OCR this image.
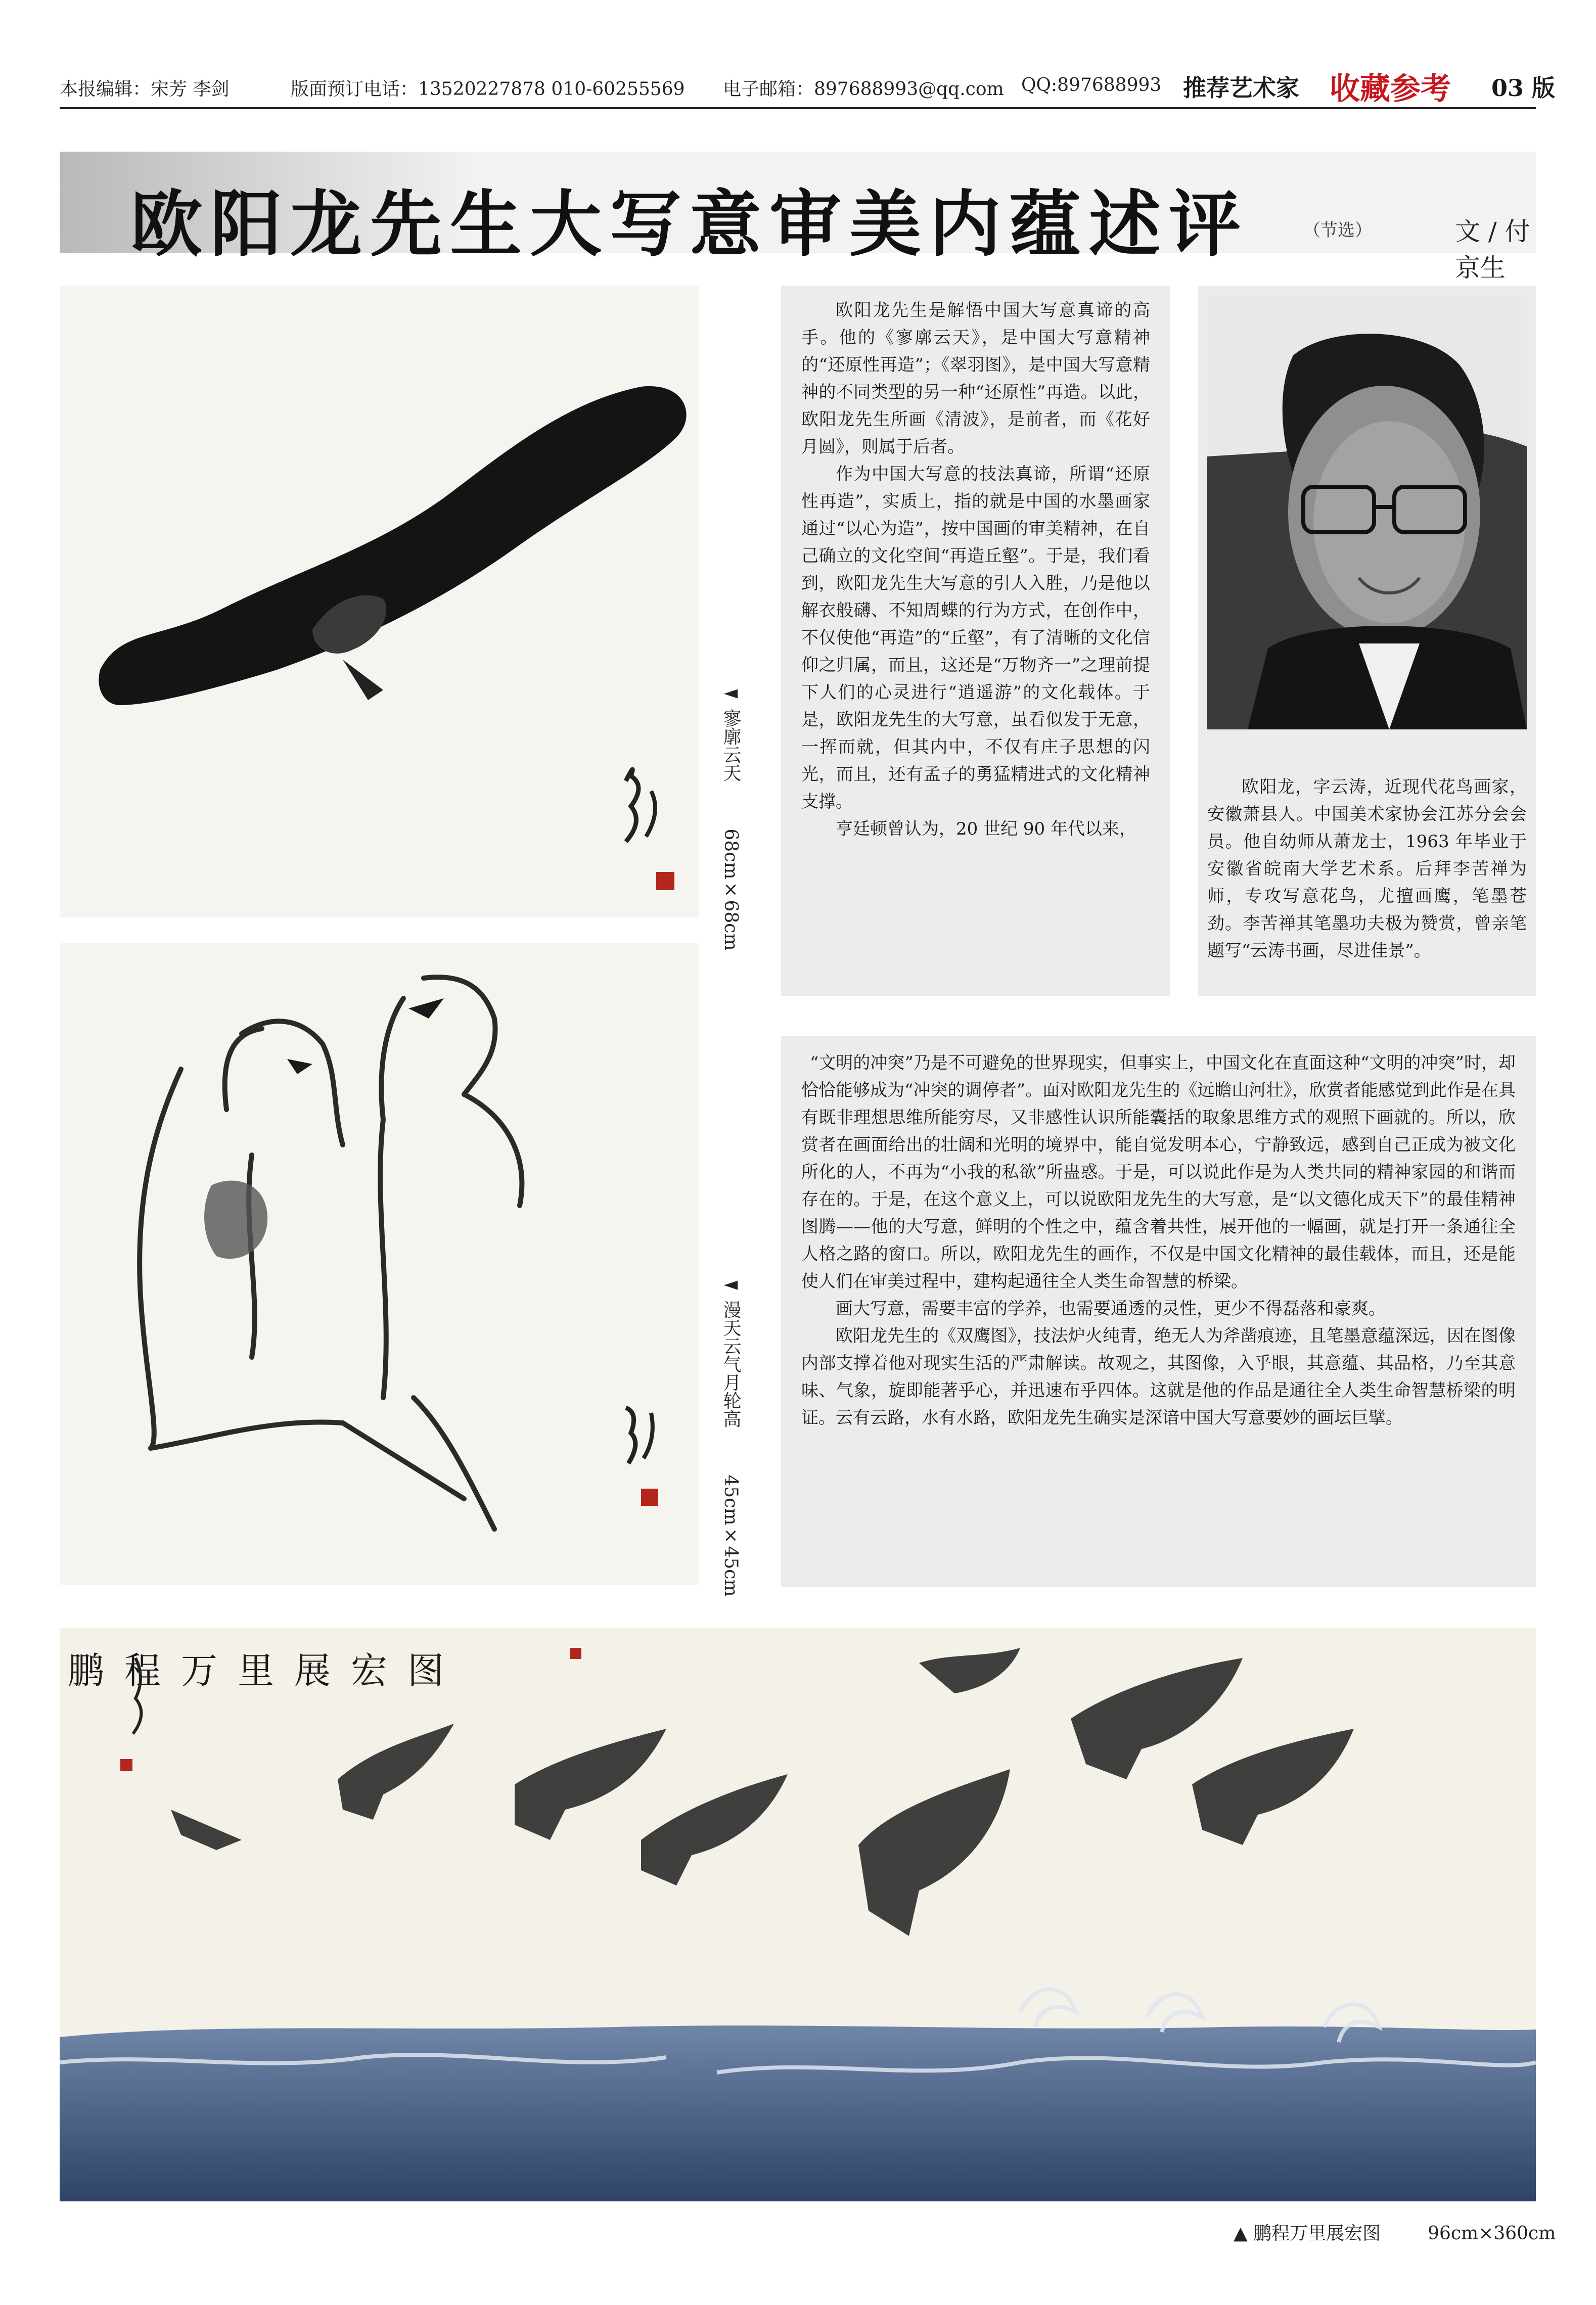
本报编辑：宋芳 李剑	版面预订电话：13520227878 010-60255569 电子邮箱：897688993@qq.com QQ:897688993 推荐艺术家 收藏参考 03 版
欧阳龙先生大写意审美内蕴述评	（节选）	文 / 付京生
◄ 寥廓云天  68cm×68cm
◄ 漫天云气月轮高  45cm×45cm

欧阳龙先生是解悟中国大写意真谛的高手。他的《寥廓云天》，是中国大写意精神的“还原性再造”；《翠羽图》，是中国大写意精神的不同类型的另一种“还原性”再造。以此，欧阳龙先生所画《清波》，是前者，而《花好月圆》，则属于后者。

作为中国大写意的技法真谛，所谓“还原性再造”，实质上，指的就是中国的水墨画家通过“以心为造”，按中国画的审美精神，在自己确立的文化空间“再造丘壑”。于是，我们看到，欧阳龙先生大写意的引人入胜，乃是他以解衣般礴、不知周蝶的行为方式，在创作中，不仅使他“再造”的“丘壑”，有了清晰的文化信仰之归属，而且，这还是“万物齐一”之理前提下人们的心灵进行“逍遥游”的文化载体。于是，欧阳龙先生的大写意，虽看似发于无意，一挥而就，但其内中，不仅有庄子思想的闪光，而且，还有孟子的勇猛精进式的文化精神支撑。

亨廷顿曾认为，20 世纪 90 年代以来，

欧阳龙，字云涛，近现代花鸟画家，安徽萧县人。中国美术家协会江苏分会会员。他自幼师从萧龙士，1963 年毕业于安徽省皖南大学艺术系。后拜李苦禅为师，专攻写意花鸟，尤擅画鹰，笔墨苍劲。李苦禅其笔墨功夫极为赞赏，曾亲笔题写“云涛书画，尽进佳景”。

“文明的冲突”乃是不可避免的世界现实，但事实上，中国文化在直面这种“文明的冲突”时，却恰恰能够成为“冲突的调停者”。面对欧阳龙先生的《远瞻山河壮》，欣赏者能感觉到此作是在具有既非理想思维所能穷尽，又非感性认识所能囊括的取象思维方式的观照下画就的。所以，欣赏者在画面给出的壮阔和光明的境界中，能自觉发明本心，宁静致远，感到自己正成为被文化所化的人，不再为“小我的私欲”所蛊惑。于是，可以说此作是为人类共同的精神家园的和谐而存在的。于是，在这个意义上，可以说欧阳龙先生的大写意，是“以文德化成天下”的最佳精神图腾——他的大写意，鲜明的个性之中，蕴含着共性，展开他的一幅画，就是打开一条通往全人格之路的窗口。所以，欧阳龙先生的画作，不仅是中国文化精神的最佳载体，而且，还是能使人们在审美过程中，建构起通往全人类生命智慧的桥梁。

画大写意，需要丰富的学养，也需要通透的灵性，更少不得磊落和豪爽。

欧阳龙先生的《双鹰图》，技法炉火纯青，绝无人为斧凿痕迹，且笔墨意蕴深远，因在图像内部支撑着他对现实生活的严肃解读。故观之，其图像，入乎眼，其意蕴、其品格，乃至其意味、气象，旋即能著乎心，并迅速布乎四体。这就是他的作品是通往全人类生命智慧桥梁的明证。云有云路，水有水路，欧阳龙先生确实是深谙中国大写意要妙的画坛巨擘。

鹏程万里展宏图
▲ 鹏程万里展宏图	96cm×360cm
